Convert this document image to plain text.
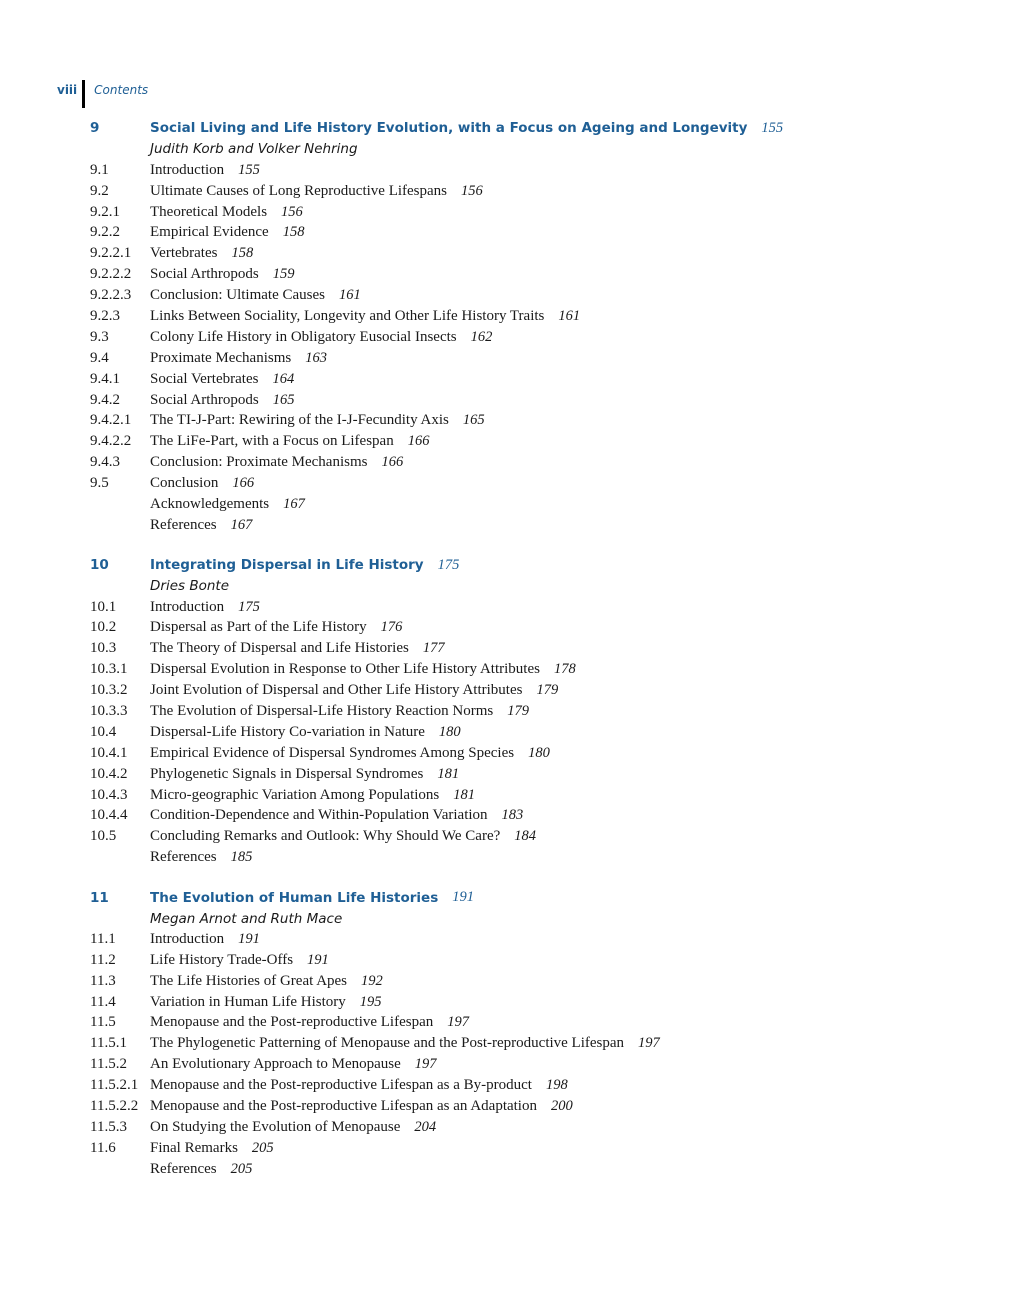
viii Contents
9	Social Living and Life History Evolution, with a Focus on Ageing and Longevity 155
Judith Korb and Volker Nehring
9.1	Introduction 155
9.2	Ultimate Causes of Long Reproductive Lifespans 156
9.2.1	Theoretical Models 156
9.2.2	Empirical Evidence 158
9.2.2.1	Vertebrates 158
9.2.2.2	Social Arthropods 159
9.2.2.3	Conclusion: Ultimate Causes 161
9.2.3	Links Between Sociality, Longevity and Other Life History Traits 161
9.3	Colony Life History in Obligatory Eusocial Insects 162
9.4	Proximate Mechanisms 163
9.4.1	Social Vertebrates 164
9.4.2	Social Arthropods 165
9.4.2.1	The TI-J-Part: Rewiring of the I-J-Fecundity Axis 165
9.4.2.2	The LiFe-Part, with a Focus on Lifespan 166
9.4.3	Conclusion: Proximate Mechanisms 166
9.5	Conclusion 166
Acknowledgements 167
References 167
10	Integrating Dispersal in Life History 175
Dries Bonte
10.1	Introduction 175
10.2	Dispersal as Part of the Life History 176
10.3	The Theory of Dispersal and Life Histories 177
10.3.1	Dispersal Evolution in Response to Other Life History Attributes 178
10.3.2	Joint Evolution of Dispersal and Other Life History Attributes 179
10.3.3	The Evolution of Dispersal-Life History Reaction Norms 179
10.4	Dispersal-Life History Co-variation in Nature 180
10.4.1	Empirical Evidence of Dispersal Syndromes Among Species 180
10.4.2	Phylogenetic Signals in Dispersal Syndromes 181
10.4.3	Micro-geographic Variation Among Populations 181
10.4.4	Condition-Dependence and Within-Population Variation 183
10.5	Concluding Remarks and Outlook: Why Should We Care? 184
References 185
11	The Evolution of Human Life Histories 191
Megan Arnot and Ruth Mace
11.1	Introduction 191
11.2	Life History Trade-Offs 191
11.3	The Life Histories of Great Apes 192
11.4	Variation in Human Life History 195
11.5	Menopause and the Post-reproductive Lifespan 197
11.5.1	The Phylogenetic Patterning of Menopause and the Post-reproductive Lifespan 197
11.5.2	An Evolutionary Approach to Menopause 197
11.5.2.1 Menopause and the Post-reproductive Lifespan as a By-product 198
11.5.2.2 Menopause and the Post-reproductive Lifespan as an Adaptation 200
11.5.3	On Studying the Evolution of Menopause 204
11.6	Final Remarks 205
References 205
